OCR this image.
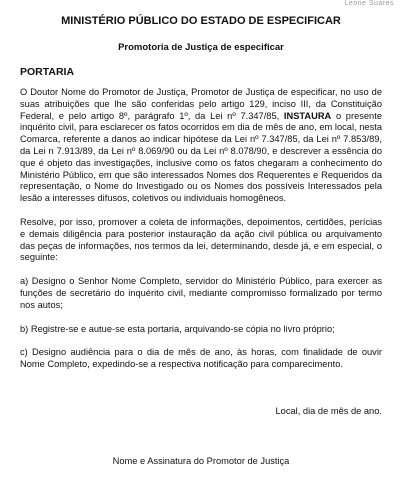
Leone Suares
MINISTÉRIO PÚBLICO DO ESTADO DE ESPECIFICAR
Promotoria de Justiça de especificar
PORTARIA

O Doutor Nome do Promotor de Justiça, Promotor de Justiça de especificar, no uso de suas atribuições que lhe são conferidas pelo artigo 129, inciso III, da Constituição Federal, e pelo artigo 8º, parágrafo 1º, da Lei nº 7.347/85, INSTAURA o presente inquérito civil, para esclarecer os fatos ocorridos em dia de mês de ano, em local, nesta Comarca, referente a danos ao indicar hipótese da Lei nº 7.347/85, da Lei nº 7.853/89, da Lei n 7.913/89, da Lei nº 8.069/90 ou da Lei nº 8.078/90, e descrever a essência do que é objeto das investigações, inclusive como os fatos chegaram a conhecimento do Ministério Público, em que são interessados Nomes dos Requerentes e Requeridos da representação, o Nome do Investigado ou os Nomes dos possíveis Interessados pela lesão a interesses difusos, coletivos ou individuais homogêneos.

Resolve, por isso, promover a coleta de informações, depoimentos, certidões, perícias e demais diligência para posterior instauração da ação civil pública ou arquivamento das peças de informações, nos termos da lei, determinando, desde já, e em especial, o seguinte:

a) Designo o Senhor Nome Completo, servidor do Ministério Público, para exercer as funções de secretário do inquérito civil, mediante compromisso formalizado por termo nos autos;

b) Registre-se e autue-se esta portaria, arquivando-se cópia no livro próprio;

c) Designo audiência para o dia de mês de ano, às horas, com finalidade de ouvir Nome Completo, expedindo-se a respectiva notificação para comparecimento.

Local, dia de mês de ano.

Nome e Assinatura do Promotor de Justiça
